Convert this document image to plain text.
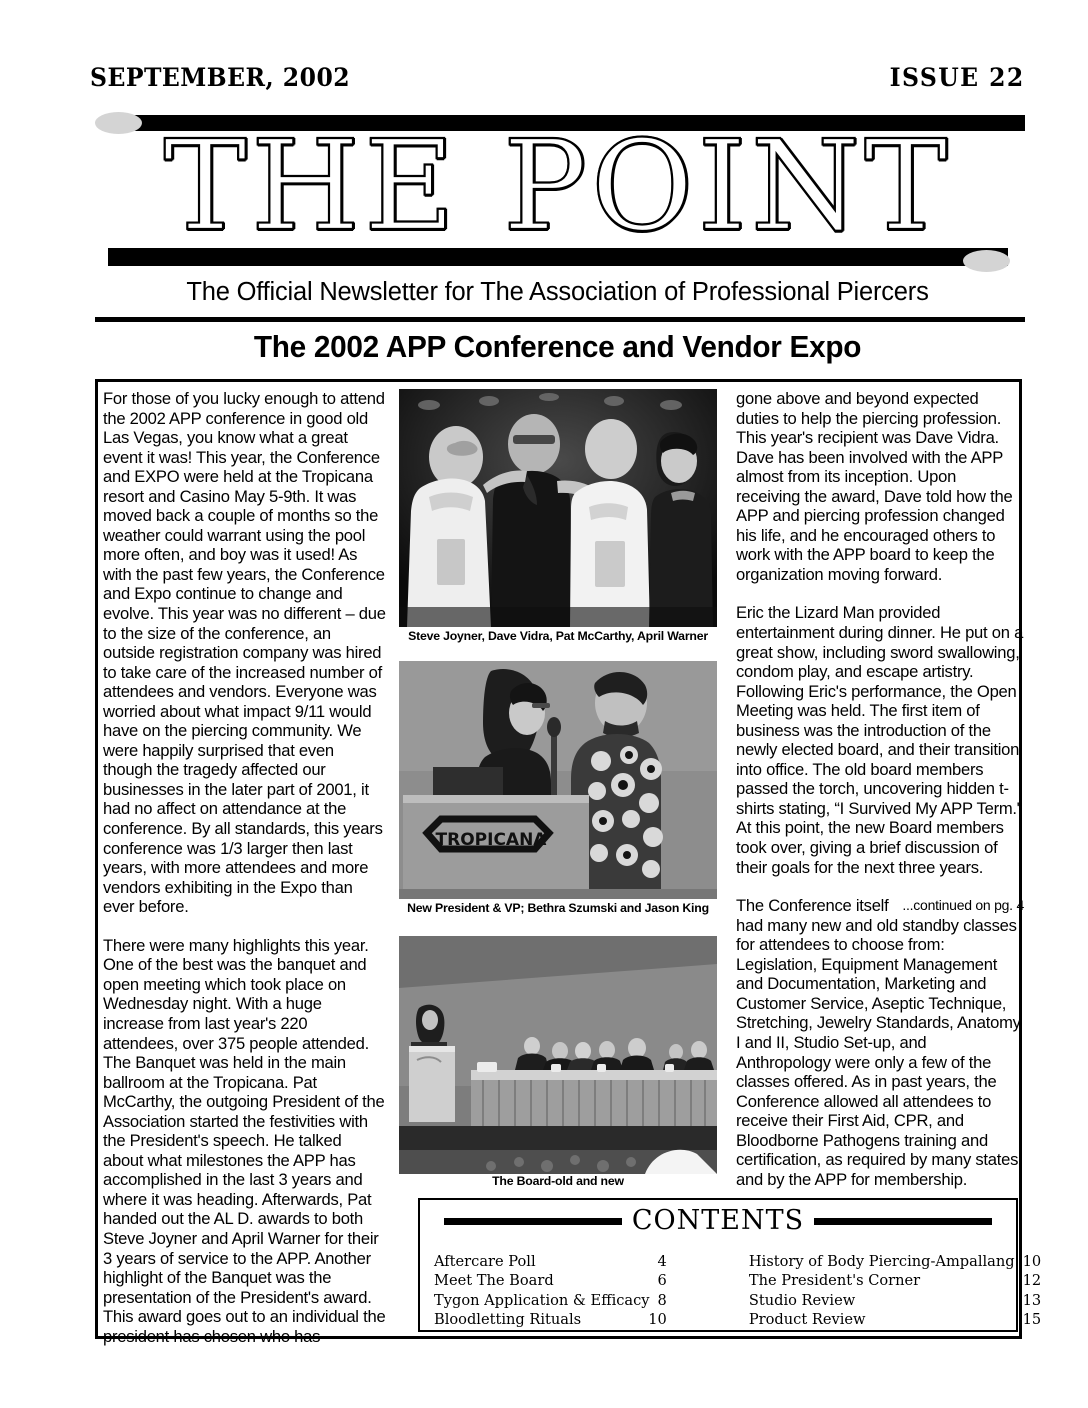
SEPTEMBER, 2002	ISSUE 22
THE POINT
The Official Newsletter for The Association of Professional Piercers
The 2002 APP Conference and Vendor Expo

For those of you lucky enough to attend the 2002 APP conference in good old Las Vegas, you know what a great event it was! This year, the Conference and EXPO were held at the Tropicana resort and Casino May 5-9th. It was moved back a couple of months so the weather could warrant using the pool more often, and boy was it used! As with the past few years, the Conference and Expo continue to change and evolve. This year was no different – due to the size of the conference, an outside registration company was hired to take care of the increased number of attendees and vendors. Everyone was worried about what impact 9/11 would have on the piercing community. We were happily surprised that even though the tragedy affected our businesses in the later part of 2001, it had no affect on attendance at the conference. By all standards, this years conference was 1/3 larger then last years, with more attendees and more vendors exhibiting in the Expo than ever before.

There were many highlights this year. One of the best was the banquet and open meeting which took place on Wednesday night. With a huge increase from last year's 220 attendees, over 375 people attended. The Banquet was held in the main ballroom at the Tropicana. Pat McCarthy, the outgoing President of the Association started the festivities with the President's speech. He talked about what milestones the APP has accomplished in the last 3 years and where it was heading. Afterwards, Pat handed out the AL D. awards to both Steve Joyner and April Warner for their 3 years of service to the APP. Another highlight of the Banquet was the presentation of the President's award. This award goes out to an individual the president has chosen who has

gone above and beyond expected duties to help the piercing profession. This year's recipient was Dave Vidra. Dave has been involved with the APP almost from its inception. Upon receiving the award, Dave told how the APP and piercing profession changed his life, and he encouraged others to work with the APP board to keep the organization moving forward.

Eric the Lizard Man provided entertainment during dinner. He put on a great show, including sword swallowing, condom play, and escape artistry. Following Eric's performance, the Open Meeting was held. The first item of business was the introduction of the newly elected board, and their transition into office. The old board members passed the torch, uncovering hidden t-shirts stating, “I Survived My APP Term." At this point, the new Board members took over, giving a brief discussion of their goals for the next three years.

...continued on pg. 4
The Conference itself had many new and old standby classes for attendees to choose from: Legislation, Equipment Management and Documentation, Marketing and Customer Service, Aseptic Technique, Stretching, Jewelry Standards, Anatomy I and II, Studio Set-up, and Anthropology were only a few of the classes offered. As in past years, the Conference allowed all attendees to receive their First Aid, CPR, and Bloodborne Pathogens training and certification, as required by many states and by the APP for membership.

Steve Joyner, Dave Vidra, Pat McCarthy, April Warner
TROPICANA
New President & VP; Bethra Szumski and Jason King
The Board-old and new
CONTENTS
Aftercare Poll	4
Meet The Board	6
Tygon Application & Efficacy 8
Bloodletting Rituals	10
History of Body Piercing-Ampallang 10
The President's Corner	12
Studio Review	13
Product Review	15
